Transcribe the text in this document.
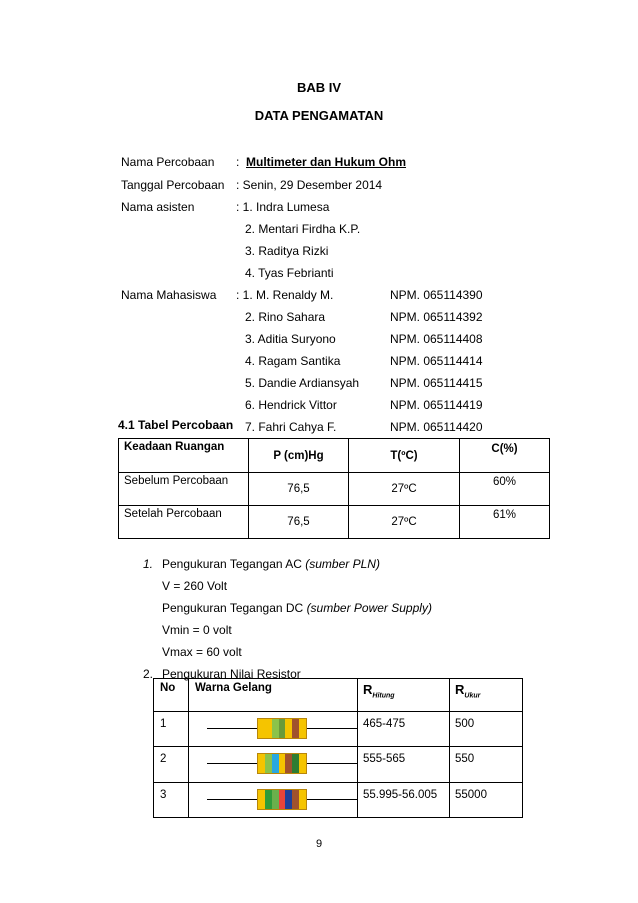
BAB IV
DATA PENGAMATAN
Nama Percobaan : Multimeter dan Hukum Ohm
Tanggal Percobaan : Senin, 29 Desember 2014
Nama asisten	: 1. Indra Lumesa
2. Mentari Firdha K.P.
3. Raditya Rizki
4. Tyas Febrianti
Nama Mahasiswa : 1. M. Renaldy M.	NPM. 065114390
2. Rino Sahara	NPM. 065114392
3. Aditia Suryono	NPM. 065114408
4. Ragam Santika	NPM. 065114414
5. Dandie Ardiansyah	NPM. 065114415
6. Hendrick Vittor	NPM. 065114419
7. Fahri Cahya F.	NPM. 065114420
4.1 Tabel Percobaan
Keadaan Ruangan	P (cm)Hg	T(ºC)	C(%)
Sebelum Percobaan	76,5	27ºC	60%
Setelah Percobaan	76,5	27ºC	61%
1. Pengukuran Tegangan AC (sumber PLN)
V = 260 Volt
Pengukuran Tegangan DC (sumber Power Supply)
Vmin = 0 volt
Vmax = 60 volt
2. Pengukuran Nilai Resistor
No	Warna Gelang	$R_{Hitung}$	$R_{Ukur}$
1		465-475	500
2		555-565	550
3		55.995-56.005	55000
9
